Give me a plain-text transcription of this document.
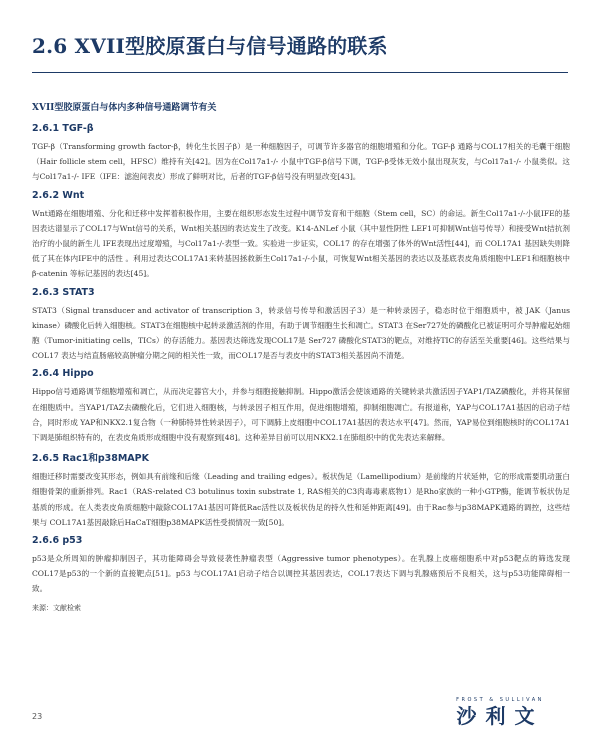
2.6 XVII型胶原蛋白与信号通路的联系
XVII型胶原蛋白与体内多种信号通路调节有关
2.6.1 TGF-β

TGF-β（Transforming growth factor-β，转化生长因子β）是一种细胞因子，可调节许多器官的细胞增殖和分化。TGF-β 通路与COL17相关的毛囊干细胞（Hair follicle stem cell，HFSC）维持有关[42]。因为在Col17a1-/- 小鼠中TGF-β信号下调，TGF-β受体无效小鼠出现灰发，与Col17a1-/- 小鼠类似。这与Col17a1-/- IFE（IFE：滤泡间表皮）形成了鲜明对比，后者的TGF-β信号没有明显改变[43]。

2.6.2 Wnt

Wnt通路在细胞增殖、分化和迁移中发挥着积极作用，主要在组织形态发生过程中调节发育和干细胞（Stem cell，SC）的命运。新生Col17a1-/-小鼠IFE的基因表达谱显示了COL17与Wnt信号的关系，Wnt相关基因的表达发生了改变。K14-ΔNLef 小鼠（其中显性阴性 LEF1可抑制Wnt信号传导）和接受Wnt拮抗剂治疗的小鼠的新生儿 IFE表现出过度增殖，与Col17a1-/-表型一致。实验进一步证实，COL17 的存在增强了体外的Wnt活性[44]，而 COL17A1 基因缺失则降低了其在体内IFE中的活性 。利用过表达COL17A1来转基因拯救新生Col17a1-/-小鼠，可恢复Wnt相关基因的表达以及基底表皮角质细胞中LEF1和细胞核中β-catenin 等标记基因的表达[45]。

2.6.3 STAT3

STAT3（Signal transducer and activator of transcription 3，转录信号传导和激活因子3）是一种转录因子，稳态时位于细胞质中，被 JAK（Janus kinase）磷酸化后转入细胞核。STAT3在细胞核中起转录激活剂的作用，有助于调节细胞生长和凋亡。STAT3 在Ser727处的磷酸化已被证明可介导肿瘤起始细胞（Tumor-initiating cells，TICs）的存活能力。基因表达筛选发现COL17是 Ser727 磷酸化STAT3的靶点，对维持TIC的存活至关重要[46]。这些结果与COL17 表达与结直肠癌较高肿瘤分期之间的相关性一致，而COL17是否与表皮中的STAT3相关基因尚不清楚。

2.6.4 Hippo

Hippo信号通路调节细胞增殖和凋亡，从而决定器官大小，并参与细胞接触抑制。Hippo激活会使该通路的关键转录共激活因子YAP1/TAZ磷酸化，并将其保留在细胞质中。当YAP1/TAZ去磷酸化后，它们进入细胞核，与转录因子相互作用，促进细胞增殖，抑制细胞凋亡。有报道称，YAP与COL17A1基因的启动子结合，同时形成 YAP和NKX2.1复合物（一种肺特异性转录因子），可下调肺上皮细胞中COL17A1基因的表达水平[47]。然而，YAP易位到细胞核时的COL17A1下调是肺组织特有的，在表皮角质形成细胞中没有观察到[48]。这种差异目前可以用NKX2.1在肺组织中的优先表达来解释。

2.6.5 Rac1和p38MAPK

细胞迁移时需要改变其形态，例如具有前缘和后缘（Leading and trailing edges）。板状伪足（Lamellipodium）是前缘的片状延伸，它的形成需要肌动蛋白细胞骨架的重新排列。Rac1（RAS-related C3 botulinus toxin substrate 1, RAS相关的C3肉毒毒素底物1）是Rho家族的一种小GTP酶，能调节板状伪足基质的形成。在人类表皮角质细胞中敲除COL17A1基因可降低Rac活性以及板状伪足的持久性和延伸距离[49]。由于Rac参与p38MAPK通路的调控，这些结果与 COL17A1基因敲除后HaCaT细胞p38MAPK活性受损情况一致[50]。

2.6.6 p53

p53是众所周知的肿瘤抑制因子，其功能障碍会导致侵袭性肿瘤表型（Aggressive tumor phenotypes）。在乳腺上皮癌细胞系中对p53靶点的筛选发现COL17是p53的一个新的直接靶点[51]。p53 与COL17A1启动子结合以调控其基因表达，COL17表达下调与乳腺癌预后不良相关，这与p53功能障碍相一致。

来源：文献检索
23
FROST & SULLIVAN
沙利文
